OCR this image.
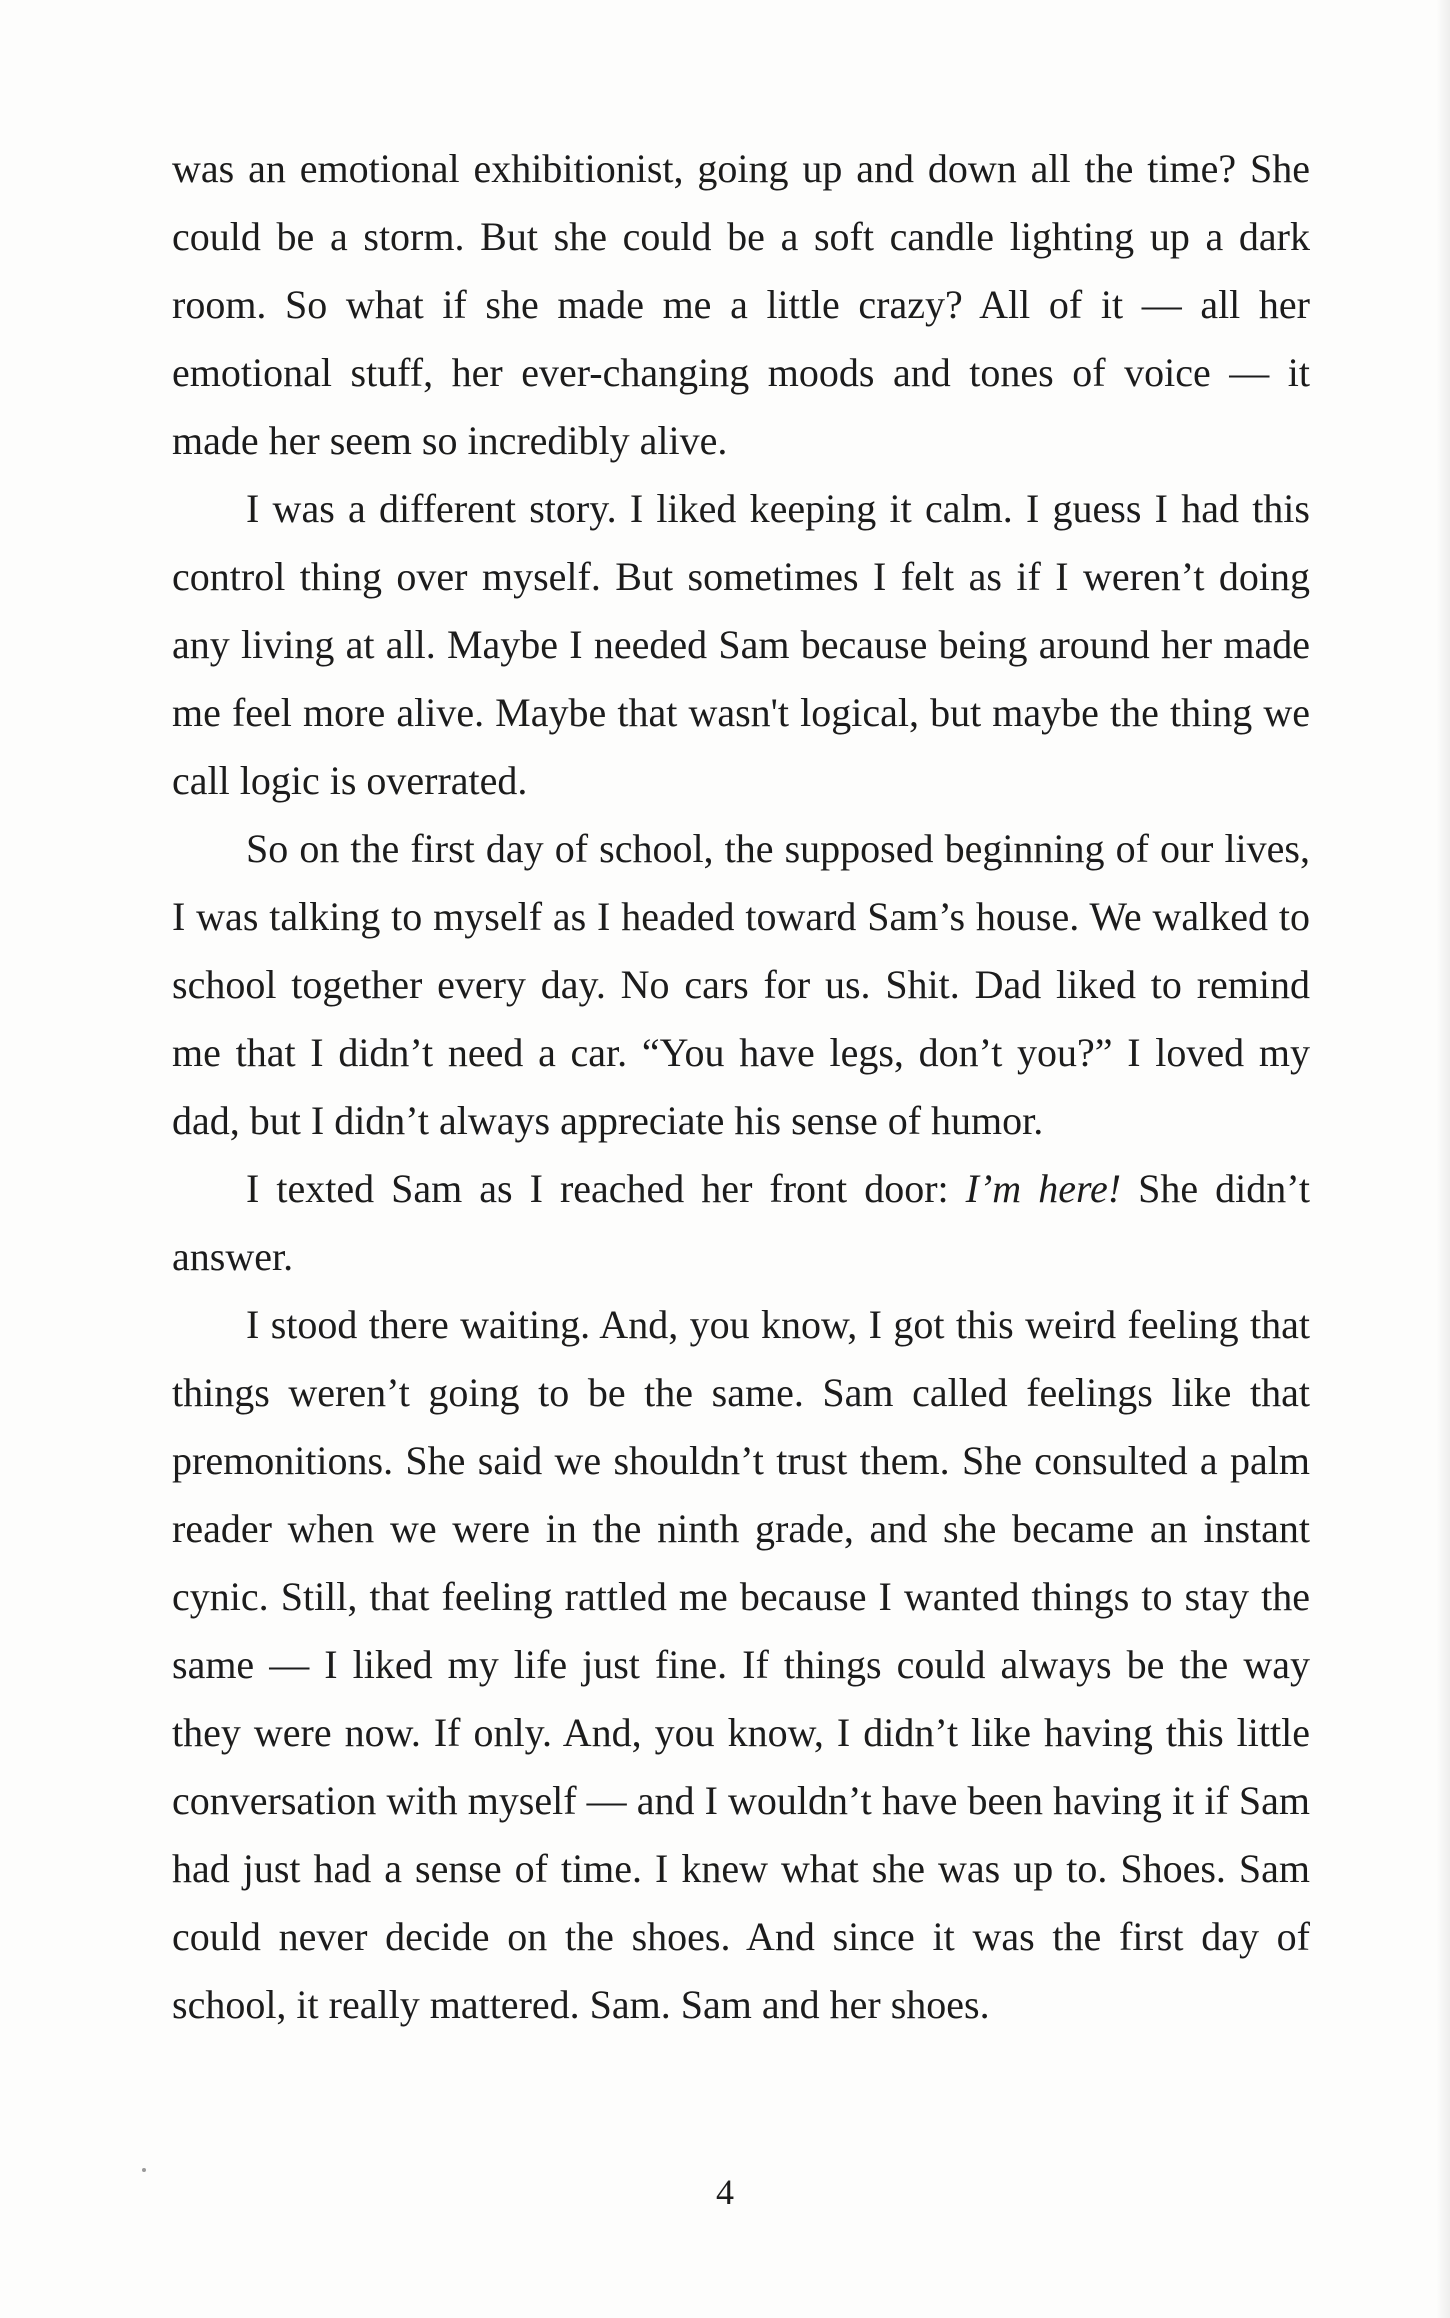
was an emotional exhibitionist, going up and down all the time? She could be a storm. But she could be a soft candle lighting up a dark room. So what if she made me a little crazy? All of it — all her emotional stuff, her ever-changing moods and tones of voice — it made her seem so incredibly alive.

I was a different story. I liked keeping it calm. I guess I had this control thing over myself. But sometimes I felt as if I weren’t doing any living at all. Maybe I needed Sam because being around her made me feel more alive. Maybe that wasn't logical, but maybe the thing we call logic is overrated.

So on the first day of school, the supposed beginning of our lives, I was talking to myself as I headed toward Sam’s house. We walked to school together every day. No cars for us. Shit. Dad liked to remind me that I didn’t need a car. “You have legs, don’t you?” I loved my dad, but I didn’t always appreciate his sense of humor.

I texted Sam as I reached her front door: I’m here! She didn’t answer.

I stood there waiting. And, you know, I got this weird feeling that things weren’t going to be the same. Sam called feelings like that premonitions. She said we shouldn’t trust them. She consulted a palm reader when we were in the ninth grade, and she became an instant cynic. Still, that feeling rattled me because I wanted things to stay the same — I liked my life just fine. If things could always be the way they were now. If only. And, you know, I didn’t like having this little conversation with myself — and I wouldn’t have been having it if Sam had just had a sense of time. I knew what she was up to. Shoes. Sam could never decide on the shoes. And since it was the first day of school, it really mattered. Sam. Sam and her shoes.

4
